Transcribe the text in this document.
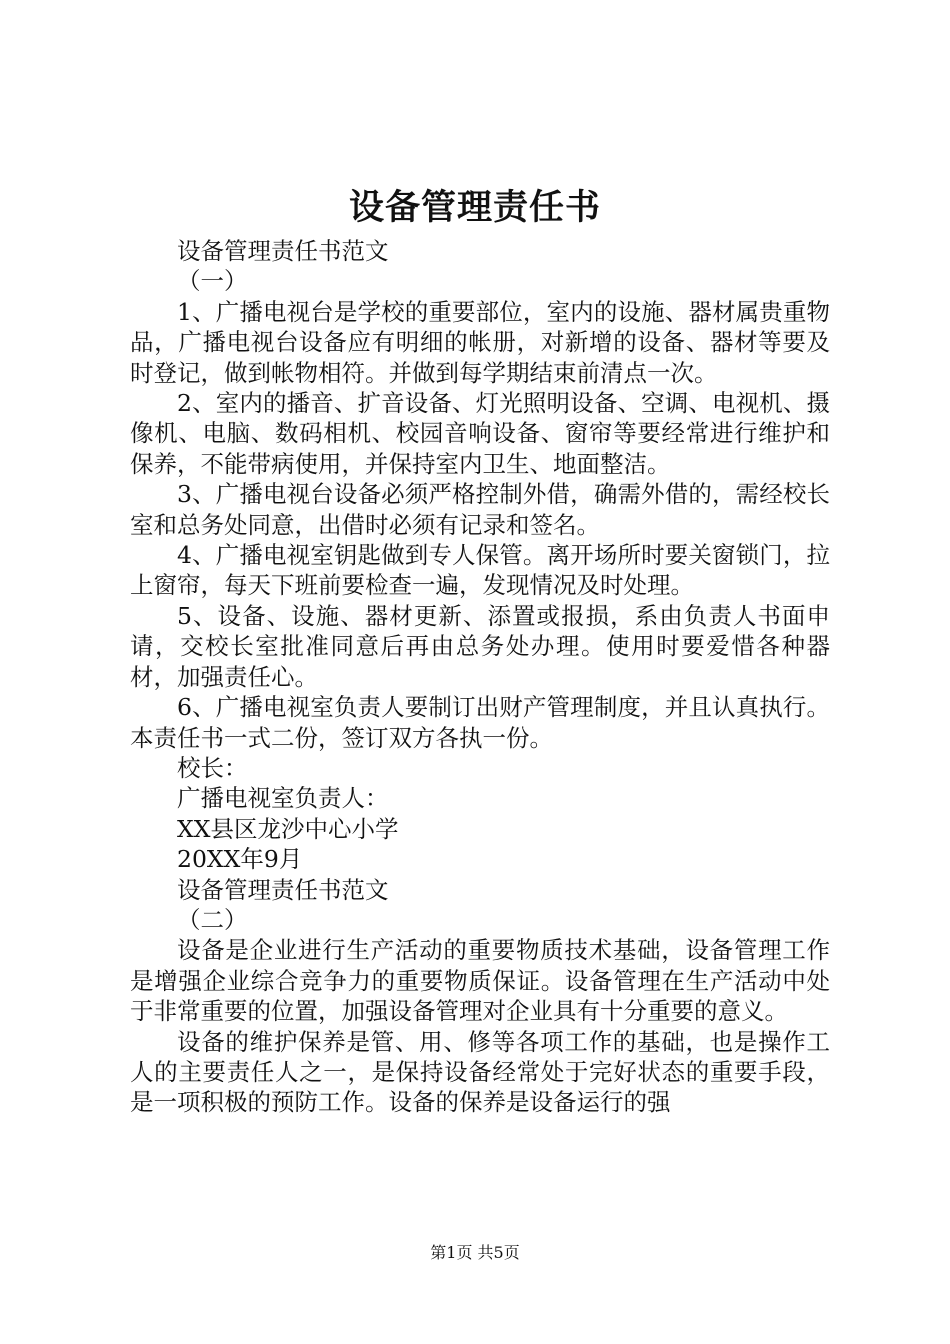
设备管理责任书

设备管理责任书范文

（一）

1、广播电视台是学校的重要部位，室内的设施、器材属贵重物品，广播电视台设备应有明细的帐册，对新增的设备、器材等要及时登记，做到帐物相符。并做到每学期结束前清点一次。

2、室内的播音、扩音设备、灯光照明设备、空调、电视机、摄像机、电脑、数码相机、校园音响设备、窗帘等要经常进行维护和保养，不能带病使用，并保持室内卫生、地面整洁。

3、广播电视台设备必须严格控制外借，确需外借的，需经校长室和总务处同意，出借时必须有记录和签名。

4、广播电视室钥匙做到专人保管。离开场所时要关窗锁门，拉上窗帘，每天下班前要检查一遍，发现情况及时处理。

5、设备、设施、器材更新、添置或报损，系由负责人书面申请，交校长室批准同意后再由总务处办理。使用时要爱惜各种器材，加强责任心。

6、广播电视室负责人要制订出财产管理制度，并且认真执行。本责任书一式二份，签订双方各执一份。

校长：

广播电视室负责人：

XX县区龙沙中心小学

20XX年9月

设备管理责任书范文

（二）

设备是企业进行生产活动的重要物质技术基础，设备管理工作是增强企业综合竞争力的重要物质保证。设备管理在生产活动中处于非常重要的位置，加强设备管理对企业具有十分重要的意义。

设备的维护保养是管、用、修等各项工作的基础，也是操作工人的主要责任人之一，是保持设备经常处于完好状态的重要手段，是一项积极的预防工作。设备的保养是设备运行的强

第1页 共5页
